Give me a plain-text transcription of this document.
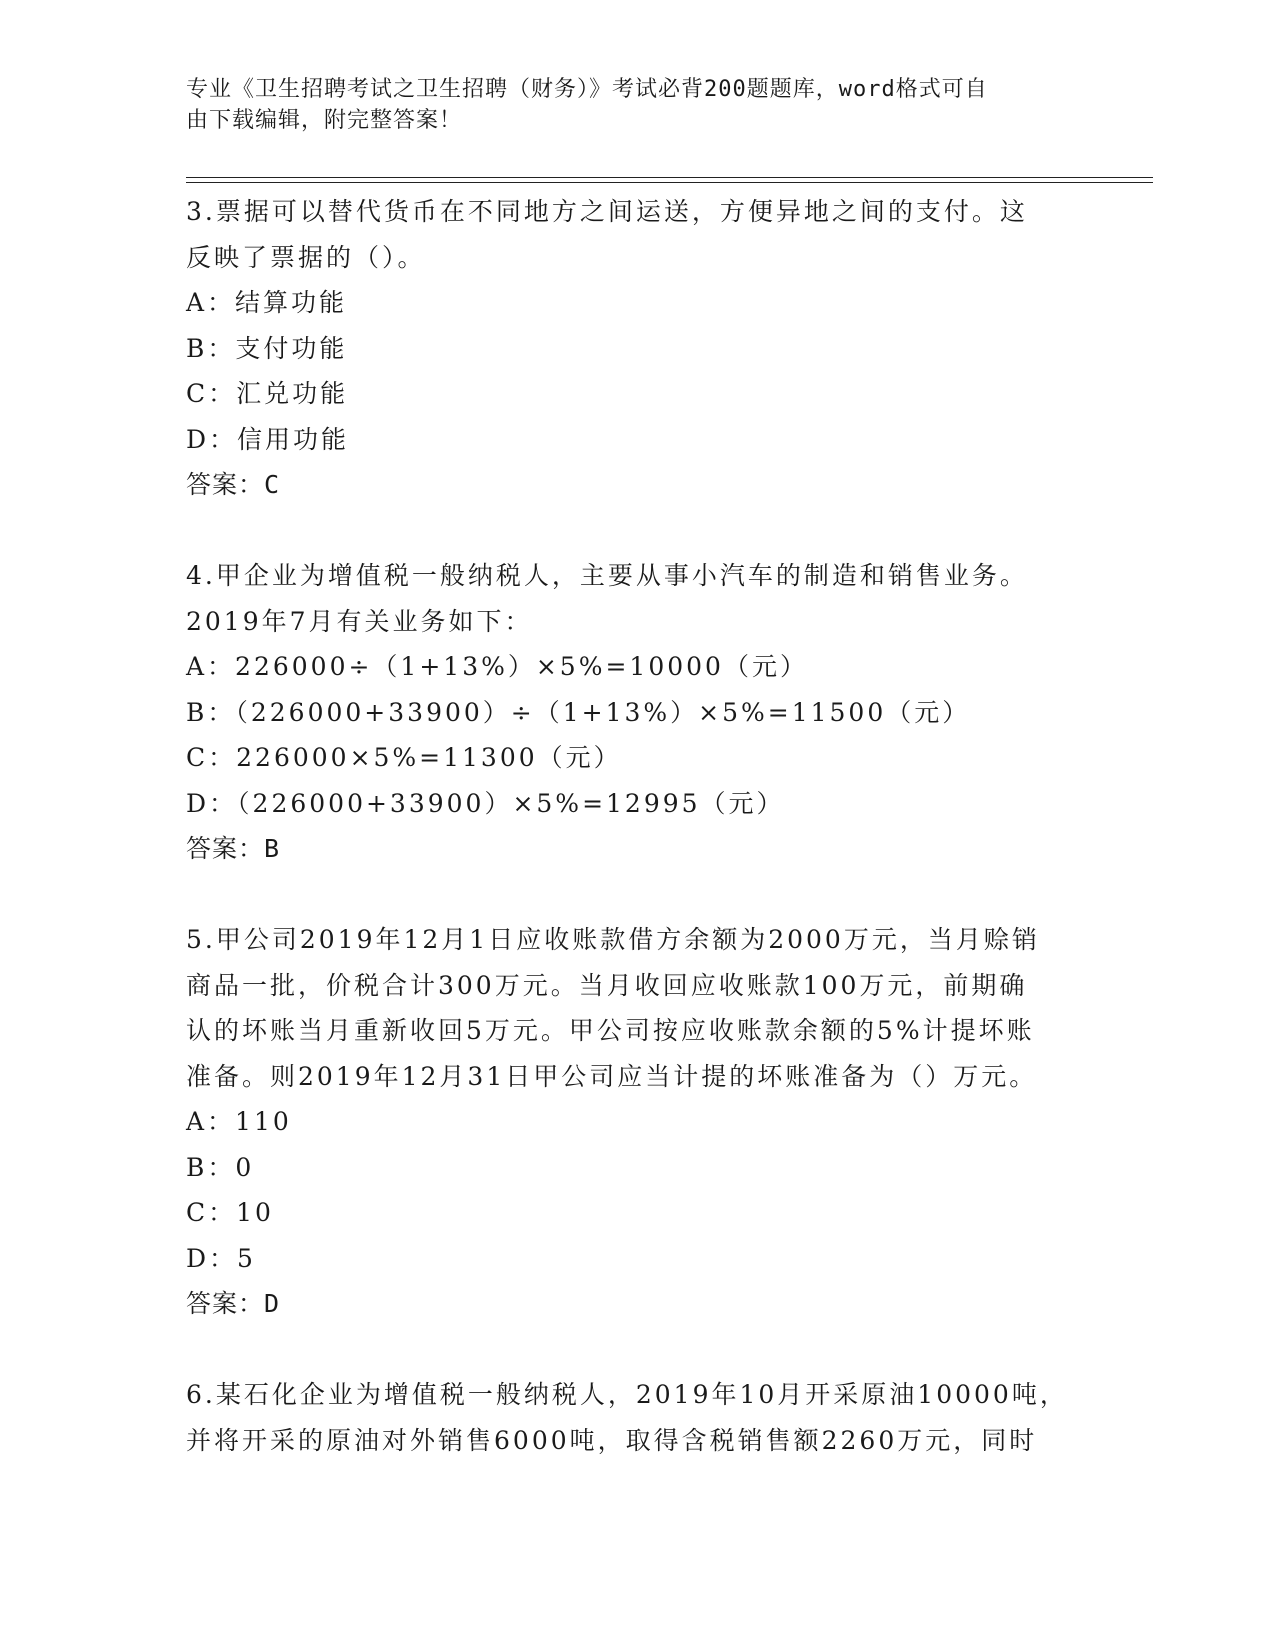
专业《卫生招聘考试之卫生招聘（财务）》考试必背200题题库，word格式可自
由下载编辑，附完整答案！

3.票据可以替代货币在不同地方之间运送，方便异地之间的支付。这

反映了票据的（）。

A：结算功能

B：支付功能

C：汇兑功能

D：信用功能

答案：C

4.甲企业为增值税一般纳税人，主要从事小汽车的制造和销售业务。

2019年7月有关业务如下：

A：226000÷（1+13%）×5%=10000（元）

B：（226000+33900）÷（1+13%）×5%=11500（元）

C：226000×5%=11300（元）

D：（226000+33900）×5%=12995（元）

答案：B

5.甲公司2019年12月1日应收账款借方余额为2000万元，当月赊销

商品一批，价税合计300万元。当月收回应收账款100万元，前期确

认的坏账当月重新收回5万元。甲公司按应收账款余额的5%计提坏账

准备。则2019年12月31日甲公司应当计提的坏账准备为（）万元。

A：110

B：0

C：10

D：5

答案：D

6.某石化企业为增值税一般纳税人，2019年10月开采原油10000吨，

并将开采的原油对外销售6000吨，取得含税销售额2260万元，同时
